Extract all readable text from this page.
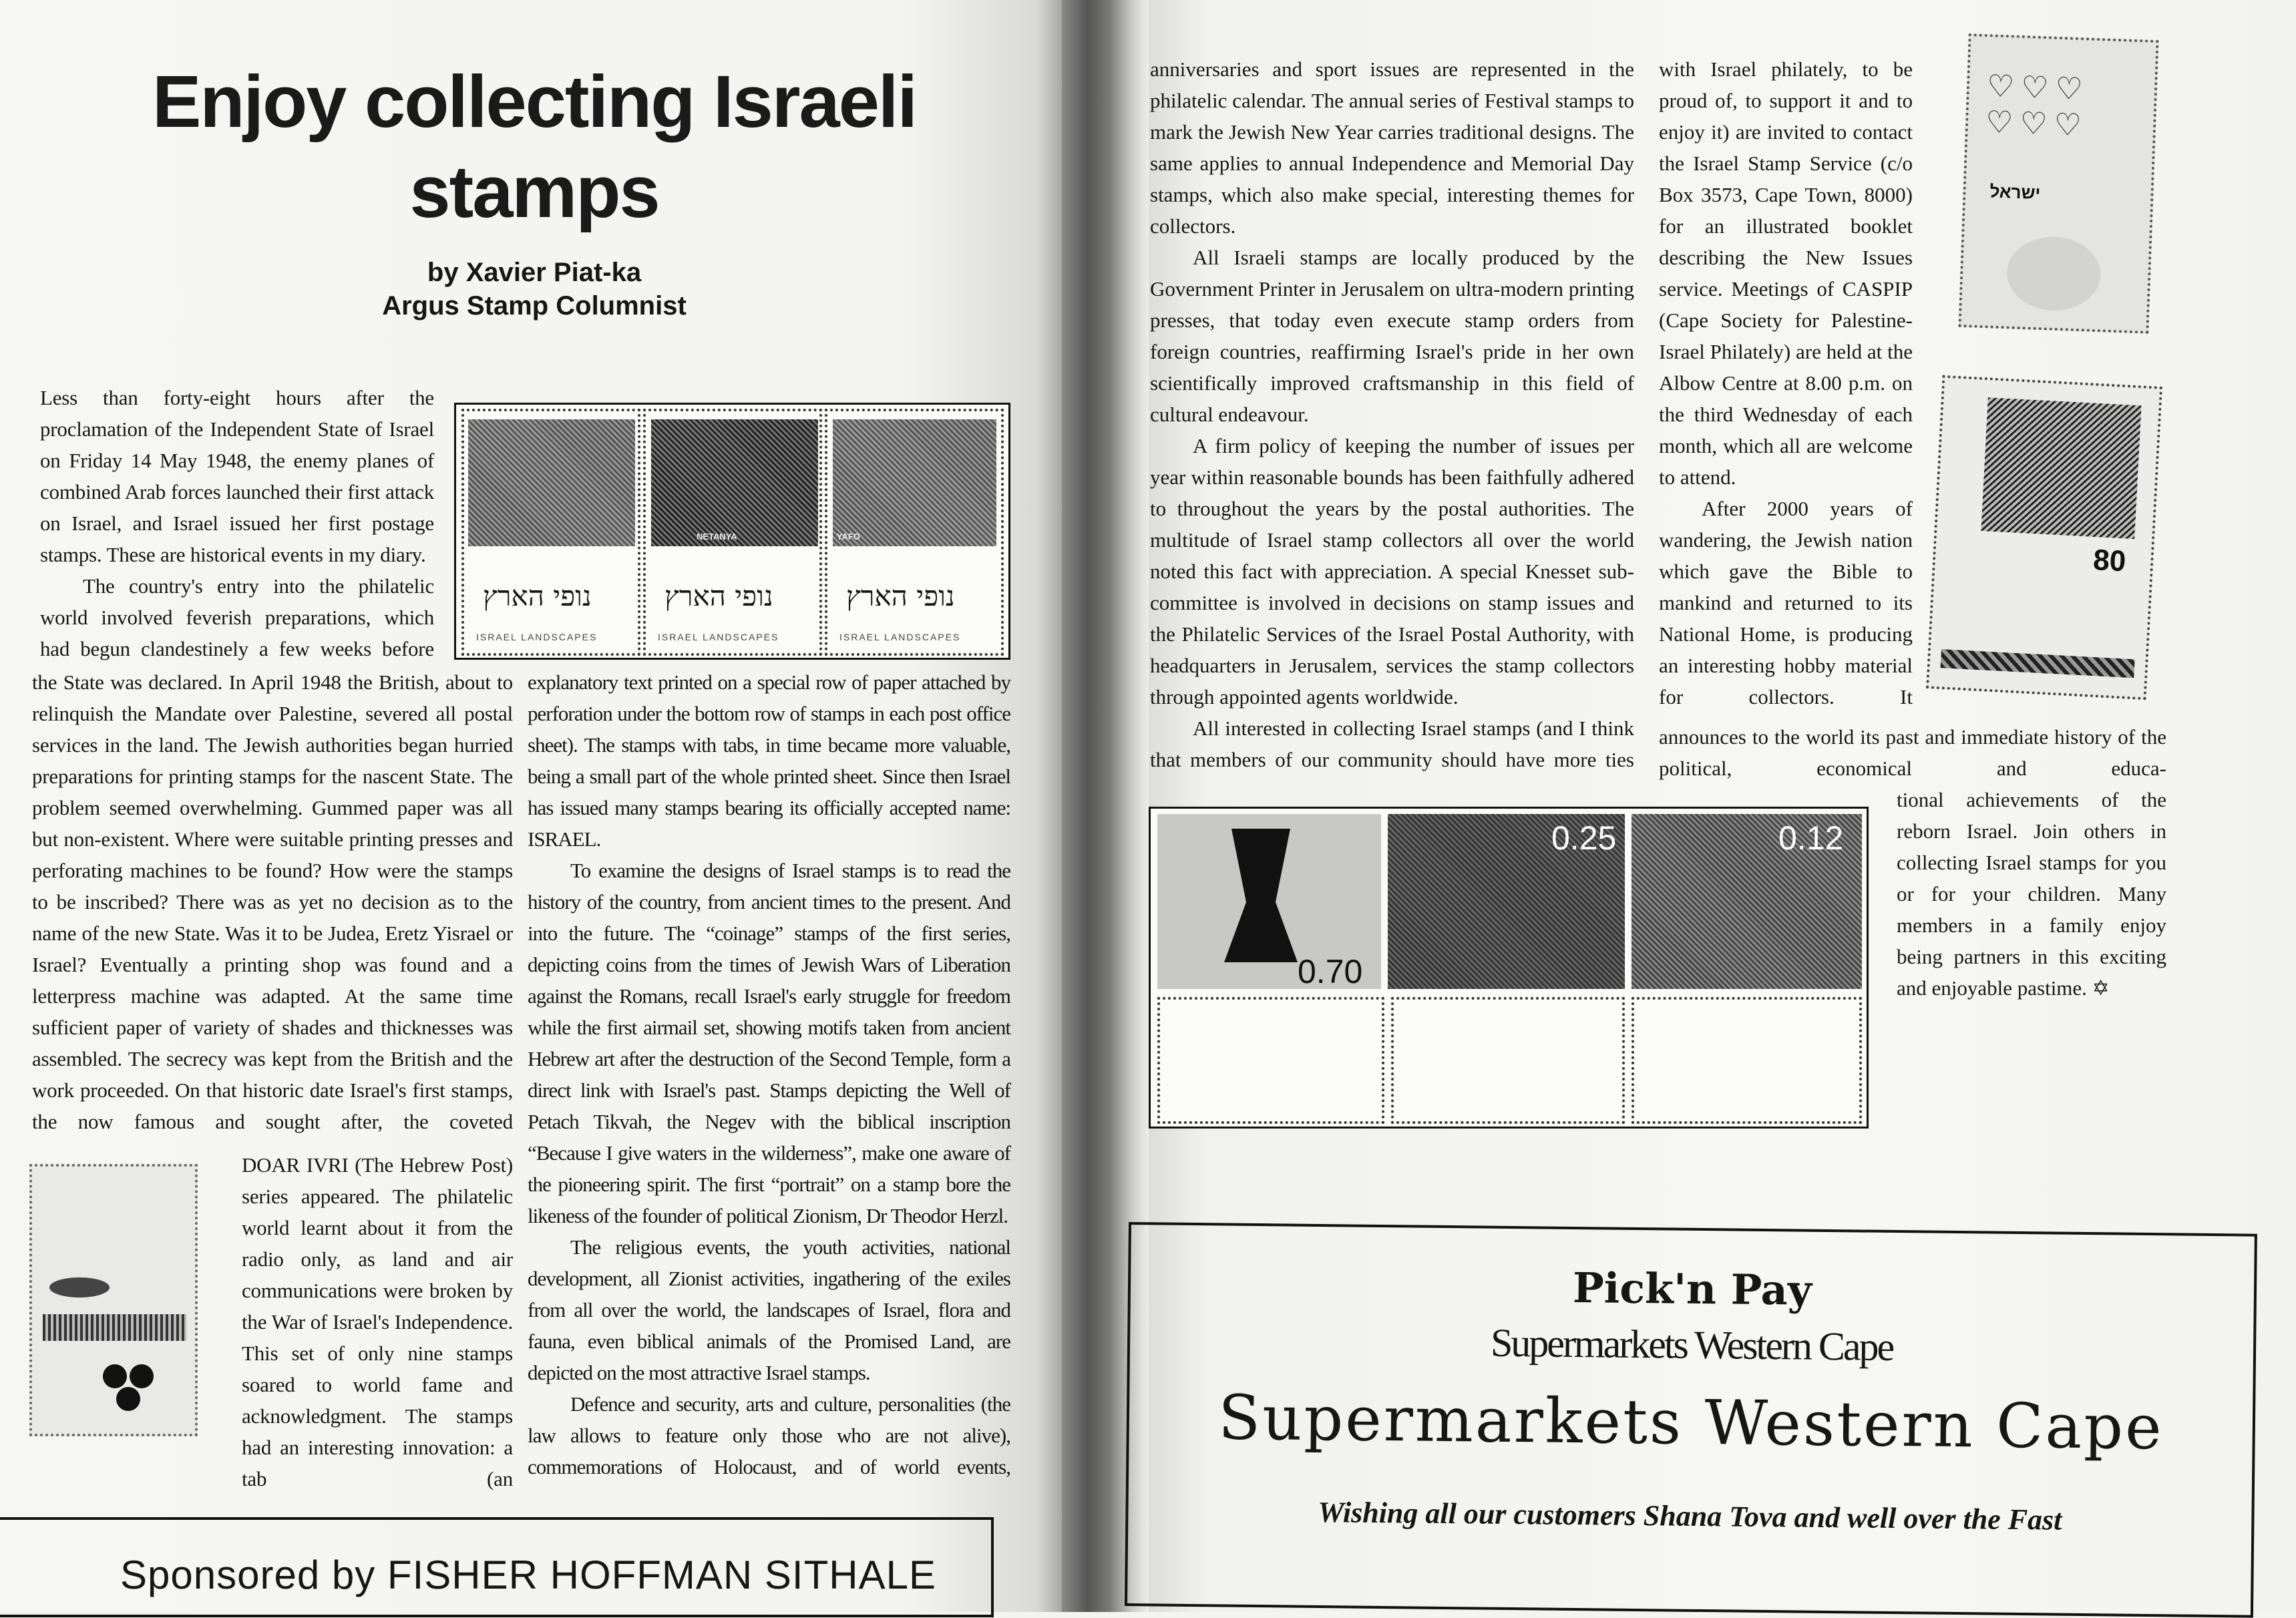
Enjoy collecting Israeli stamps
by Xavier Piat-ka
Argus Stamp Columnist
NETANYA	YAFO
נופי הארץ	נופי הארץ	נופי הארץ
ISRAEL LANDSCAPES	ISRAEL LANDSCAPES	ISRAEL LANDSCAPES

Less than forty-eight hours after the proclamation of the Independent State of Israel on Friday 14 May 1948, the enemy planes of combined Arab forces launched their first attack on Israel, and Israel issued her first postage stamps. These are historical events in my diary.

The country's entry into the philatelic world involved feverish preparations, which had begun clandestinely a few weeks before

the State was declared. In April 1948 the British, about to relinquish the Mandate over Palestine, severed all postal services in the land. The Jewish authorities began hurried preparations for printing stamps for the nascent State. The problem seemed overwhelming. Gummed paper was all but non-existent. Where were suitable printing presses and perforating machines to be found? How were the stamps to be inscribed? There was as yet no decision as to the name of the new State. Was it to be Judea, Eretz Yisrael or Israel? Eventually a printing shop was found and a letterpress machine was adapted. At the same time sufficient paper of variety of shades and thicknesses was assembled. The secrecy was kept from the British and the work proceeded. On that historic date Israel's first stamps, the now famous and sought after, the coveted
DOAR IVRI (The Hebrew Post) series appeared. The philatelic world learnt about it from the radio only, as land and air communications were broken by the War of Israel's Independence. This set of only nine stamps soared to world fame and acknowledgment. The stamps had an interesting innovation: a tab (an

explanatory text printed on a special row of paper attached by perforation under the bottom row of stamps in each post office sheet). The stamps with tabs, in time became more valuable, being a small part of the whole printed sheet. Since then Israel has issued many stamps bearing its officially accepted name: ISRAEL.

To examine the designs of Israel stamps is to read the history of the country, from ancient times to the present. And into the future. The “coinage” stamps of the first series, depicting coins from the times of Jewish Wars of Liberation against the Romans, recall Israel's early struggle for freedom while the first airmail set, showing motifs taken from ancient Hebrew art after the destruction of the Second Temple, form a direct link with Israel's past. Stamps depicting the Well of Petach Tikvah, the Negev with the biblical inscription “Because I give waters in the wilderness”, make one aware of the pioneering spirit. The first “portrait” on a stamp bore the likeness of the founder of political Zionism, Dr Theodor Herzl.

The religious events, the youth activities, national development, all Zionist activities, ingathering of the exiles from all over the world, the landscapes of Israel, flora and fauna, even biblical animals of the Promised Land, are depicted on the most attractive Israel stamps.

Defence and security, arts and culture, personalities (the law allows to feature only those who are not alive), commemorations of Holocaust, and of world events,

Sponsored by FISHER HOFFMAN SITHALE

anniversaries and sport issues are represented in the philatelic calendar. The annual series of Festival stamps to mark the Jewish New Year carries traditional designs. The same applies to annual Independence and Memorial Day stamps, which also make special, interesting themes for collectors.

All Israeli stamps are locally produced by the Government Printer in Jerusalem on ultra-modern printing presses, that today even execute stamp orders from foreign countries, reaffirming Israel's pride in her own scientifically improved craftsmanship in this field of cultural endeavour.

A firm policy of keeping the number of issues per year within reasonable bounds has been faithfully adhered to throughout the years by the postal authorities. The multitude of Israel stamp collectors all over the world noted this fact with appreciation. A special Knesset sub-committee is involved in decisions on stamp issues and the Philatelic Services of the Israel Postal Authority, with headquarters in Jerusalem, services the stamp collectors through appointed agents worldwide.

All interested in collecting Israel stamps (and I think that members of our community should have more ties

with Israel philately, to be proud of, to support it and to enjoy it) are invited to contact the Israel Stamp Service (c/o Box 3573, Cape Town, 8000) for an illustrated booklet describing the New Issues service. Meetings of CASPIP (Cape Society for Palestine-Israel Philately) are held at the Albow Centre at 8.00 p.m. on the third Wednesday of each month, which all are welcome to attend.

After 2000 years of wandering, the Jewish nation which gave the Bible to mankind and returned to its National Home, is producing an interesting hobby material for collectors. It

announces to the world its past and immediate history of the political, economical and educa-
tional achievements of the reborn Israel. Join others in collecting Israel stamps for you or for your children. Many members in a family enjoy being partners in this exciting and enjoyable pastime. ✡
♡♡♡
♡♡♡
ישראל
80
0.70
0.25	0.12
Pick'n Pay
Supermarkets Western Cape
Supermarkets Western Cape
Wishing all our customers Shana Tova and well over the Fast
